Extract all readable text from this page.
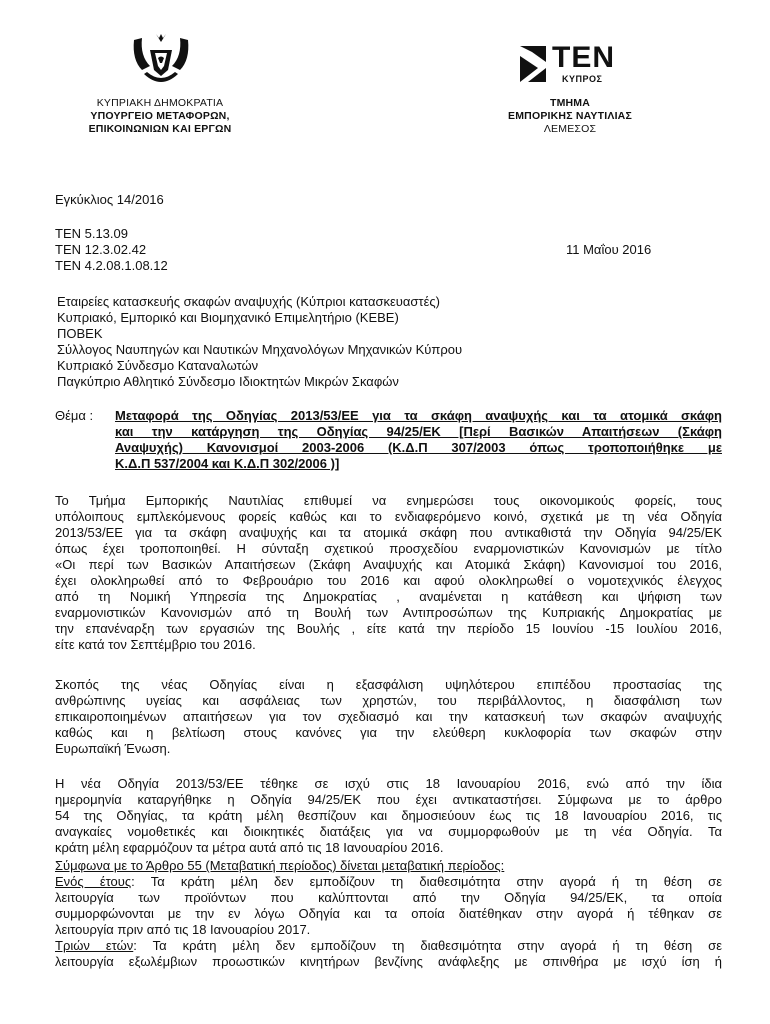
ΚΥΠΡΙΑΚΗ ΔΗΜΟΚΡΑΤΙΑ
ΥΠΟΥΡΓΕΙΟ ΜΕΤΑΦΟΡΩΝ,
ΕΠΙΚΟΙΝΩΝΙΩΝ ΚΑΙ ΕΡΓΩΝ
ΤΕΝ
ΚΥΠΡΟΣ
ΤΜΗΜΑ
ΕΜΠΟΡΙΚΗΣ ΝΑΥΤΙΛΙΑΣ
ΛΕΜΕΣΟΣ
Εγκύκλιος 14/2016
ΤΕΝ 5.13.09
ΤΕΝ 12.3.02.42
ΤΕΝ 4.2.08.1.08.12
11 Μαΐου 2016
Εταιρείες κατασκευής σκαφών αναψυχής (Κύπριοι κατασκευαστές)
Κυπριακό, Εμπορικό και Βιομηχανικό Επιμελητήριο (ΚΕΒΕ)
ΠΟΒΕΚ
Σύλλογος Ναυπηγών και Ναυτικών Μηχανολόγων Μηχανικών Κύπρου
Κυπριακό Σύνδεσμο Καταναλωτών
Παγκύπριο Αθλητικό Σύνδεσμο Ιδιοκτητών Μικρών Σκαφών
Θέμα : Μεταφορά της Οδηγίας 2013/53/ΕΕ για τα σκάφη αναψυχής και τα ατομικά σκάφη
και την κατάργηση της Οδηγίας 94/25/ΕΚ [Περί Βασικών Απαιτήσεων (Σκάφη
Αναψυχής) Κανονισμοί 2003-2006 (Κ.Δ.Π 307/2003 όπως τροποποιήθηκε με
Κ.Δ.Π 537/2004 και Κ.Δ.Π 302/2006 )]
Το Τμήμα Εμπορικής Ναυτιλίας επιθυμεί να ενημερώσει τους οικονομικούς φορείς, τους
υπόλοιπους εμπλεκόμενους φορείς καθώς και το ενδιαφερόμενο κοινό, σχετικά με τη νέα Οδηγία
2013/53/ΕΕ για τα σκάφη αναψυχής και τα ατομικά σκάφη που αντικαθιστά την Οδηγία 94/25/ΕΚ
όπως έχει τροποποιηθεί. Η σύνταξη σχετικού προσχεδίου εναρμονιστικών Κανονισμών με τίτλο
«Οι περί των Βασικών Απαιτήσεων (Σκάφη Αναψυχής και Ατομικά Σκάφη) Κανονισμοί του 2016,
έχει ολοκληρωθεί από το Φεβρουάριο του 2016 και αφού ολοκληρωθεί ο νομοτεχνικός έλεγχος
από τη Νομική Υπηρεσία της Δημοκρατίας , αναμένεται η κατάθεση και ψήφιση των
εναρμονιστικών Κανονισμών από τη Βουλή των Αντιπροσώπων της Κυπριακής Δημοκρατίας με
την επανέναρξη των εργασιών της Βουλής , είτε κατά την περίοδο 15 Ιουνίου -15 Ιουλίου 2016,
είτε κατά τον Σεπτέμβριο του 2016.
Σκοπός της νέας Οδηγίας είναι η εξασφάλιση υψηλότερου επιπέδου προστασίας της
ανθρώπινης υγείας και ασφάλειας των χρηστών, του περιβάλλοντος, η διασφάλιση των
επικαιροποιημένων απαιτήσεων για τον σχεδιασμό και την κατασκευή των σκαφών αναψυχής
καθώς και η βελτίωση στους κανόνες για την ελεύθερη κυκλοφορία των σκαφών στην
Ευρωπαϊκή Ένωση.
Η νέα Οδηγία 2013/53/ΕΕ τέθηκε σε ισχύ στις 18 Ιανουαρίου 2016, ενώ από την ίδια
ημερομηνία καταργήθηκε η Οδηγία 94/25/ΕΚ που έχει αντικαταστήσει. Σύμφωνα με το άρθρο
54 της Οδηγίας, τα κράτη μέλη θεσπίζουν και δημοσιεύουν έως τις 18 Ιανουαρίου 2016, τις
αναγκαίες νομοθετικές και διοικητικές διατάξεις για να συμμορφωθούν με τη νέα Οδηγία. Τα
κράτη μέλη εφαρμόζουν τα μέτρα αυτά από τις 18 Ιανουαρίου 2016.
Σύμφωνα με το Άρθρο 55 (Μεταβατική περίοδος) δίνεται μεταβατική περίοδος:
Ενός έτους: Τα κράτη μέλη δεν εμποδίζουν τη διαθεσιμότητα στην αγορά ή τη θέση σε
λειτουργία των προϊόντων που καλύπτονται από την Οδηγία 94/25/ΕΚ, τα οποία
συμμορφώνονται με την εν λόγω Οδηγία και τα οποία διατέθηκαν στην αγορά ή τέθηκαν σε
λειτουργία πριν από τις 18 Ιανουαρίου 2017.
Τριών ετών: Τα κράτη μέλη δεν εμποδίζουν τη διαθεσιμότητα στην αγορά ή τη θέση σε
λειτουργία εξωλέμβιων προωστικών κινητήρων βενζίνης ανάφλεξης με σπινθήρα με ισχύ ίση ή
